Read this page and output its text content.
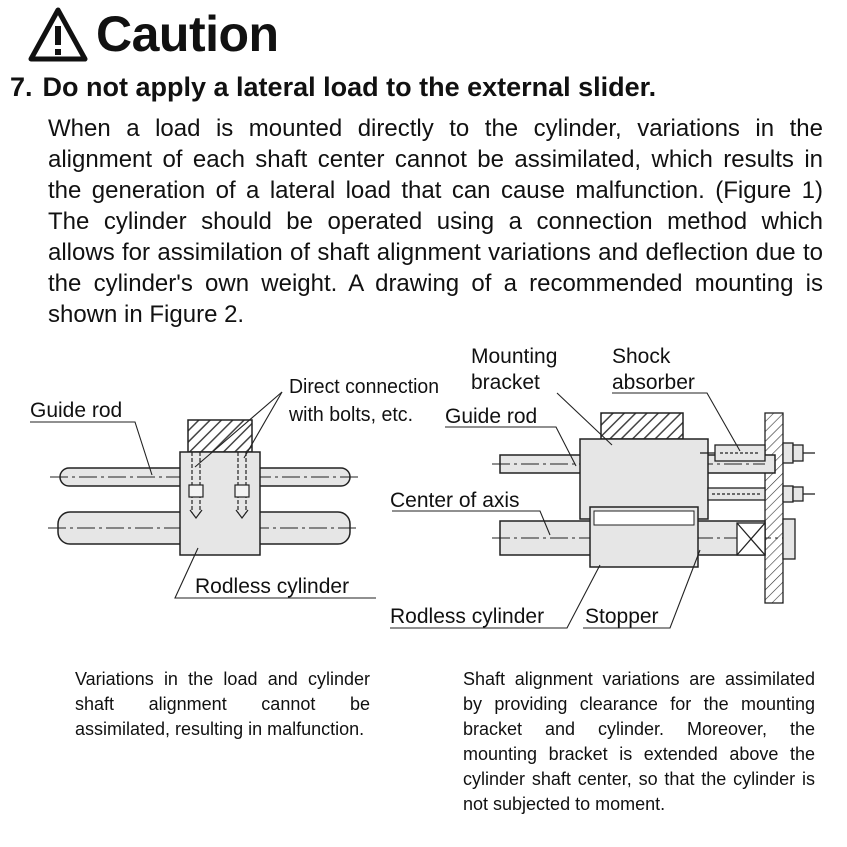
Caution
7. Do not apply a lateral load to the external slider.
When a load is mounted directly to the cylinder, variations in the alignment of each shaft center cannot be assimilated, which results in the generation of a lateral load that can cause malfunction. (Figure 1) The cylinder should be operated using a connection method which allows for assimilation of shaft alignment variations and deflection due to the cylinder's own weight. A drawing of a recommended mounting is shown in Figure 2.
Guide rod
Direct connection
with bolts, etc.
Rodless cylinder
Mounting
bracket
Shock
absorber
Guide rod
Center of axis
Rodless cylinder Stopper
Variations in the load and cylinder shaft alignment cannot be assimilated, resulting in malfunction.
Shaft alignment variations are assimilated by providing clearance for the mounting bracket and cylinder. Moreover, the mounting bracket is extended above the cylinder shaft center, so that the cylinder is not subjected to moment.
